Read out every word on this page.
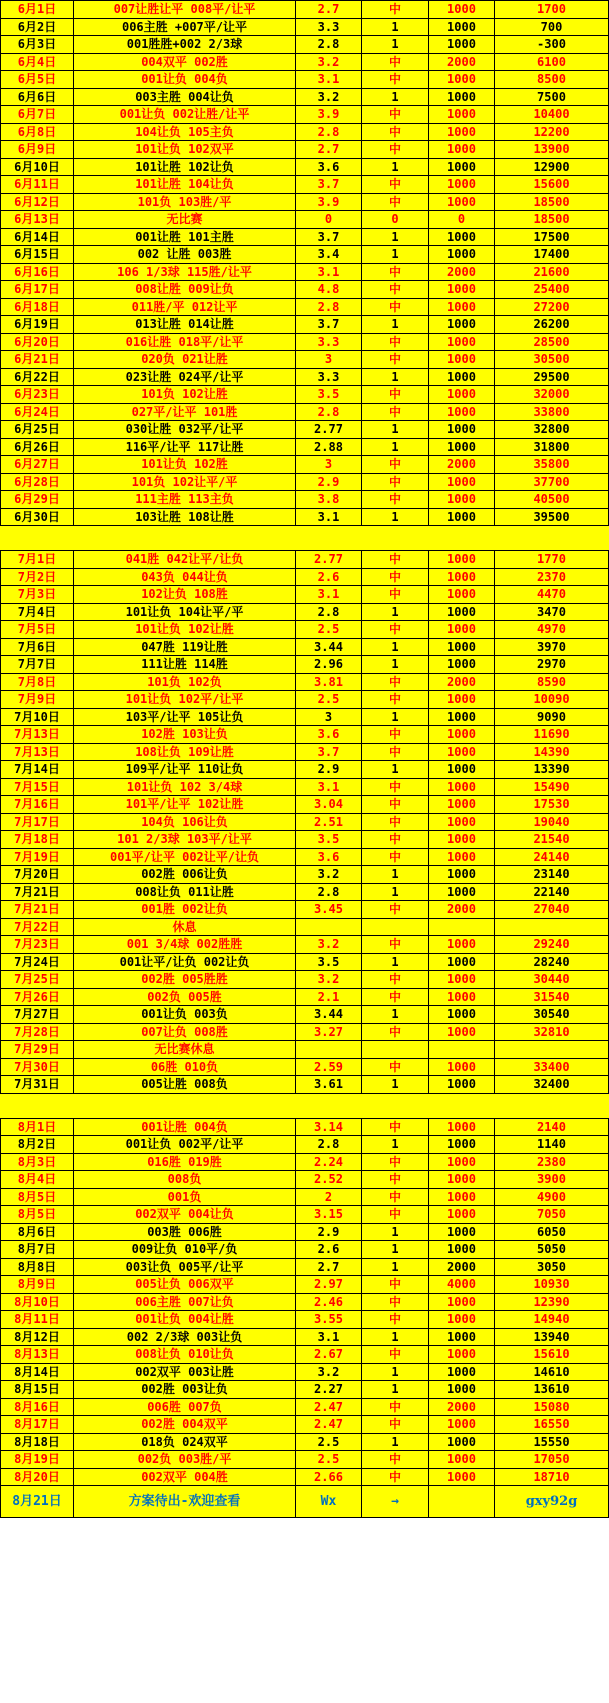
6月1日	007让胜让平 008平/让平	2.7	中	1000	1700
6月2日	006主胜 +007平/让平	3.3	1	1000	700
6月3日	001胜胜+002 2/3球	2.8	1	1000	-300
6月4日	004双平 002胜	3.2	中	2000	6100
6月5日	001让负 004负	3.1	中	1000	8500
6月6日	003主胜 004让负	3.2	1	1000	7500
6月7日	001让负 002让胜/让平	3.9	中	1000	10400
6月8日	104让负 105主负	2.8	中	1000	12200
6月9日	101让负 102双平	2.7	中	1000	13900
6月10日	101让胜 102让负	3.6	1	1000	12900
6月11日	101让胜 104让负	3.7	中	1000	15600
6月12日	101负 103胜/平	3.9	中	1000	18500
6月13日	无比赛	0	0	0	18500
6月14日	001让胜 101主胜	3.7	1	1000	17500
6月15日	002 让胜 003胜	3.4	1	1000	17400
6月16日	106 1/3球 115胜/让平	3.1	中	2000	21600
6月17日	008让胜 009让负	4.8	中	1000	25400
6月18日	011胜/平 012让平	2.8	中	1000	27200
6月19日	013让胜 014让胜	3.7	1	1000	26200
6月20日	016让胜 018平/让平	3.3	中	1000	28500
6月21日	020负 021让胜	3	中	1000	30500
6月22日	023让胜 024平/让平	3.3	1	1000	29500
6月23日	101负 102让胜	3.5	中	1000	32000
6月24日	027平/让平 101胜	2.8	中	1000	33800
6月25日	030让胜 032平/让平	2.77	1	1000	32800
6月26日	116平/让平 117让胜	2.88	1	1000	31800
6月27日	101让负 102胜	3	中	2000	35800
6月28日	101负 102让平/平	2.9	中	1000	37700
6月29日	111主胜 113主负	3.8	中	1000	40500
6月30日	103让胜 108让胜	3.1	1	1000	39500

7月1日	041胜 042让平/让负	2.77	中	1000	1770
7月2日	043负 044让负	2.6	中	1000	2370
7月3日	102让负 108胜	3.1	中	1000	4470
7月4日	101让负 104让平/平	2.8	1	1000	3470
7月5日	101让负 102让胜	2.5	中	1000	4970
7月6日	047胜 119让胜	3.44	1	1000	3970
7月7日	111让胜 114胜	2.96	1	1000	2970
7月8日	101负 102负	3.81	中	2000	8590
7月9日	101让负 102平/让平	2.5	中	1000	10090
7月10日	103平/让平 105让负	3	1	1000	9090
7月13日	102胜 103让负	3.6	中	1000	11690
7月13日	108让负 109让胜	3.7	中	1000	14390
7月14日	109平/让平 110让负	2.9	1	1000	13390
7月15日	101让负 102 3/4球	3.1	中	1000	15490
7月16日	101平/让平 102让胜	3.04	中	1000	17530
7月17日	104负 106让负	2.51	中	1000	19040
7月18日	101 2/3球 103平/让平	3.5	中	1000	21540
7月19日	001平/让平 002让平/让负	3.6	中	1000	24140
7月20日	002胜 006让负	3.2	1	1000	23140
7月21日	008让负 011让胜	2.8	1	1000	22140
7月21日	001胜 002让负	3.45	中	2000	27040
7月22日	休息				
7月23日	001 3/4球 002胜胜	3.2	中	1000	29240
7月24日	001让平/让负 002让负	3.5	1	1000	28240
7月25日	002胜 005胜胜	3.2	中	1000	30440
7月26日	002负 005胜	2.1	中	1000	31540
7月27日	001让负 003负	3.44	1	1000	30540
7月28日	007让负 008胜	3.27	中	1000	32810
7月29日	无比赛休息				
7月30日	06胜 010负	2.59	中	1000	33400
7月31日	005让胜 008负	3.61	1	1000	32400

8月1日	001让胜 004负	3.14	中	1000	2140
8月2日	001让负 002平/让平	2.8	1	1000	1140
8月3日	016胜 019胜	2.24	中	1000	2380
8月4日	008负	2.52	中	1000	3900
8月5日	001负	2	中	1000	4900
8月5日	002双平 004让负	3.15	中	1000	7050
8月6日	003胜 006胜	2.9	1	1000	6050
8月7日	009让负 010平/负	2.6	1	1000	5050
8月8日	003让负 005平/让平	2.7	1	2000	3050
8月9日	005让负 006双平	2.97	中	4000	10930
8月10日	006主胜 007让负	2.46	中	1000	12390
8月11日	001让负 004让胜	3.55	中	1000	14940
8月12日	002 2/3球 003让负	3.1	1	1000	13940
8月13日	008让负 010让负	2.67	中	1000	15610
8月14日	002双平 003让胜	3.2	1	1000	14610
8月15日	002胜 003让负	2.27	1	1000	13610
8月16日	006胜 007负	2.47	中	2000	15080
8月17日	002胜 004双平	2.47	中	1000	16550
8月18日	018负 024双平	2.5	1	1000	15550
8月19日	002负 003胜/平	2.5	中	1000	17050
8月20日	002双平 004胜	2.66	中	1000	18710
8月21日	方案待出-欢迎查看	Wx	→		gxy92g
